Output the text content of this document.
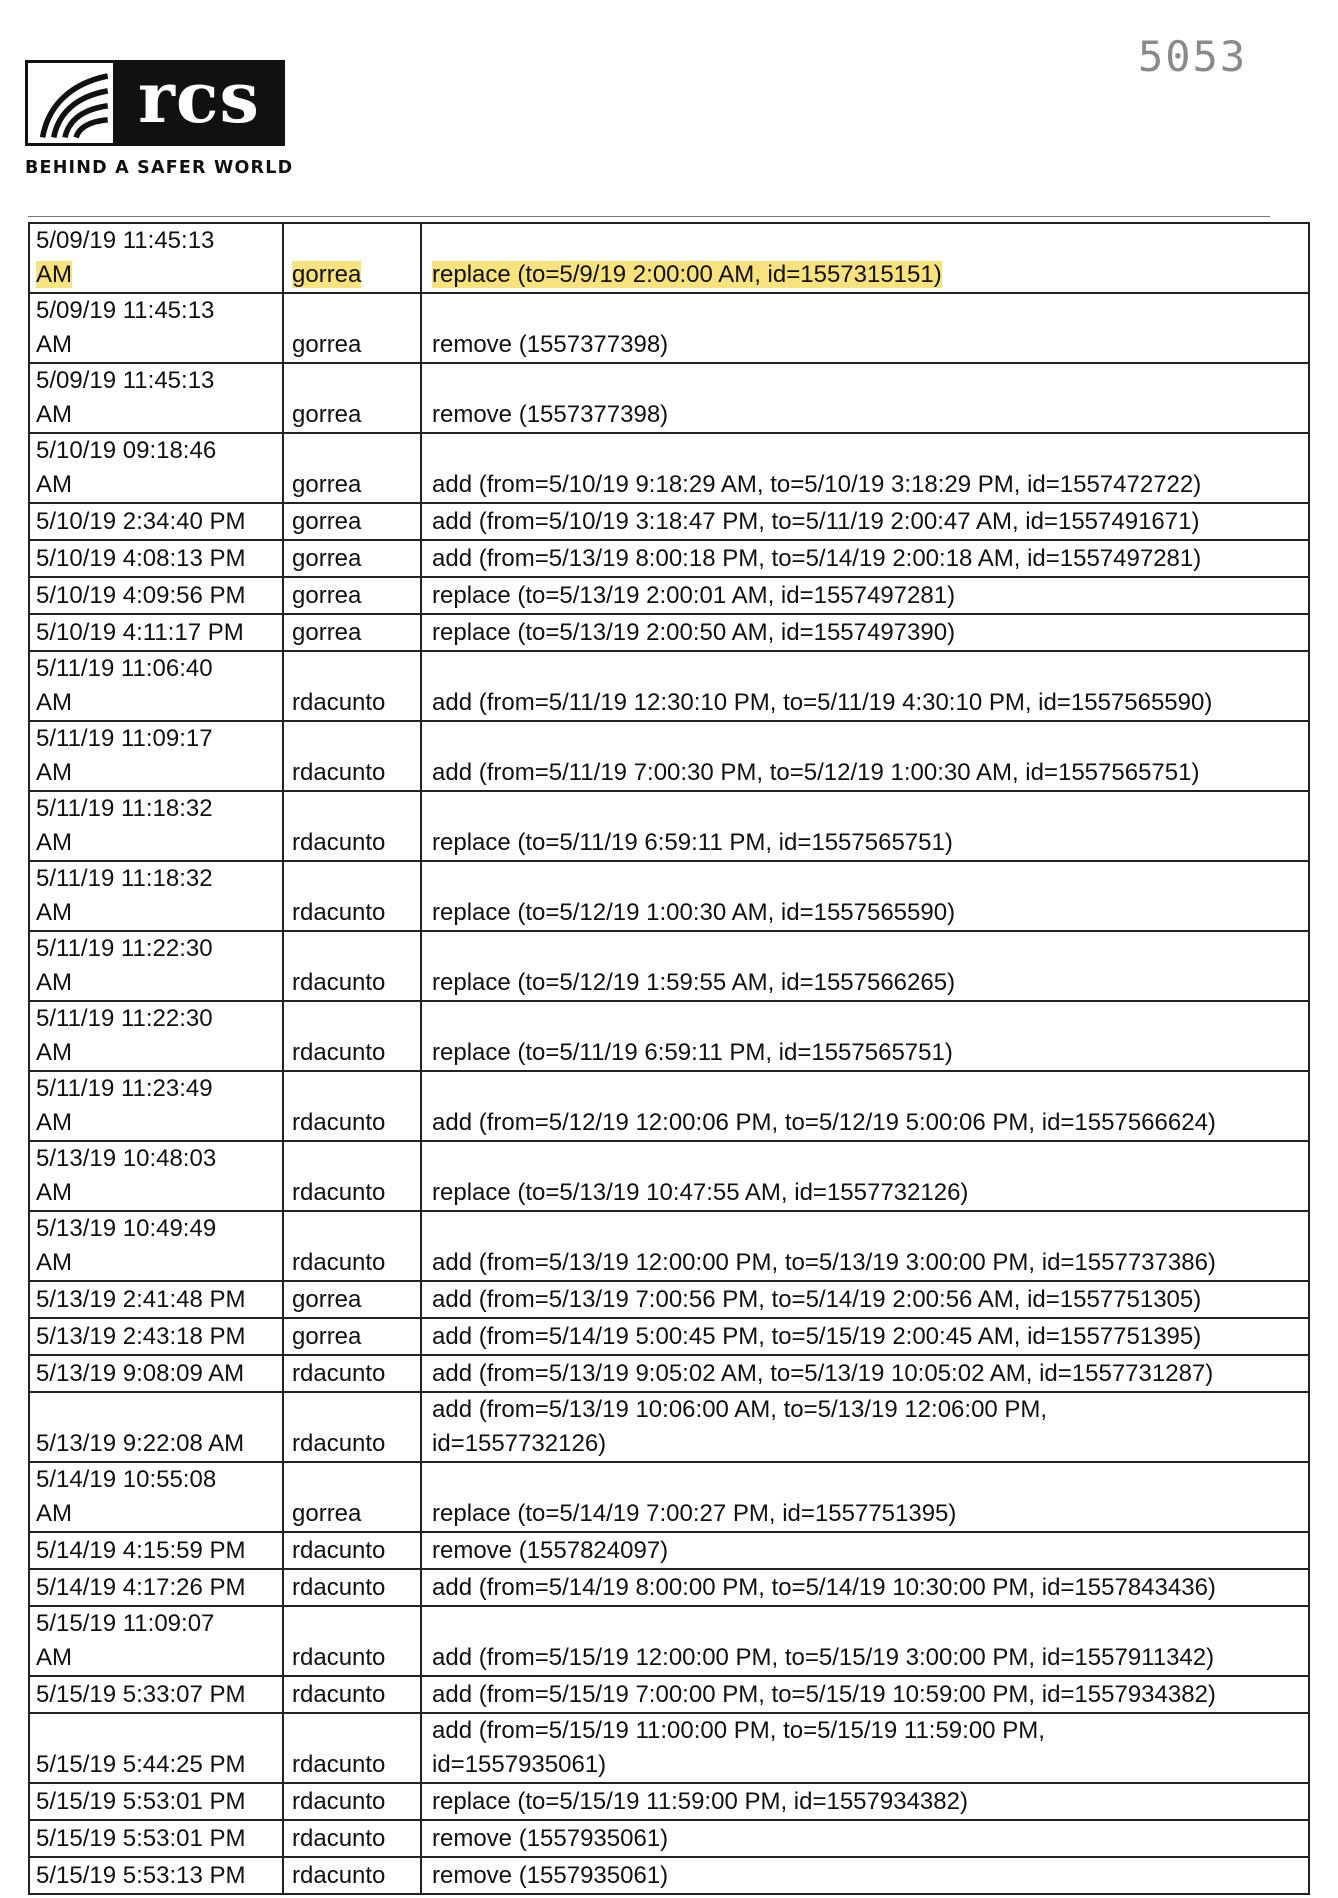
rcs
BEHIND A SAFER WORLD
5053
5/09/19 11:45:13
AM	gorrea	replace (to=5/9/19 2:00:00 AM, id=1557315151)

5/09/19 11:45:13
AM	gorrea	remove (1557377398)

5/09/19 11:45:13
AM	gorrea	remove (1557377398)

5/10/19 09:18:46
AM	gorrea	add (from=5/10/19 9:18:29 AM, to=5/10/19 3:18:29 PM, id=1557472722)

5/10/19 2:34:40 PM	gorrea	add (from=5/10/19 3:18:47 PM, to=5/11/19 2:00:47 AM, id=1557491671)

5/10/19 4:08:13 PM	gorrea	add (from=5/13/19 8:00:18 PM, to=5/14/19 2:00:18 AM, id=1557497281)

5/10/19 4:09:56 PM	gorrea	replace (to=5/13/19 2:00:01 AM, id=1557497281)

5/10/19 4:11:17 PM	gorrea	replace (to=5/13/19 2:00:50 AM, id=1557497390)

5/11/19 11:06:40
AM	rdacunto	add (from=5/11/19 12:30:10 PM, to=5/11/19 4:30:10 PM, id=1557565590)

5/11/19 11:09:17
AM	rdacunto	add (from=5/11/19 7:00:30 PM, to=5/12/19 1:00:30 AM, id=1557565751)

5/11/19 11:18:32
AM	rdacunto	replace (to=5/11/19 6:59:11 PM, id=1557565751)

5/11/19 11:18:32
AM	rdacunto	replace (to=5/12/19 1:00:30 AM, id=1557565590)

5/11/19 11:22:30
AM	rdacunto	replace (to=5/12/19 1:59:55 AM, id=1557566265)

5/11/19 11:22:30
AM	rdacunto	replace (to=5/11/19 6:59:11 PM, id=1557565751)

5/11/19 11:23:49
AM	rdacunto	add (from=5/12/19 12:00:06 PM, to=5/12/19 5:00:06 PM, id=1557566624)

5/13/19 10:48:03
AM	rdacunto	replace (to=5/13/19 10:47:55 AM, id=1557732126)

5/13/19 10:49:49
AM	rdacunto	add (from=5/13/19 12:00:00 PM, to=5/13/19 3:00:00 PM, id=1557737386)

5/13/19 2:41:48 PM	gorrea	add (from=5/13/19 7:00:56 PM, to=5/14/19 2:00:56 AM, id=1557751305)

5/13/19 2:43:18 PM	gorrea	add (from=5/14/19 5:00:45 PM, to=5/15/19 2:00:45 AM, id=1557751395)

5/13/19 9:08:09 AM	rdacunto	add (from=5/13/19 9:05:02 AM, to=5/13/19 10:05:02 AM, id=1557731287)

5/13/19 9:22:08 AM	rdacunto	add (from=5/13/19 10:06:00 AM, to=5/13/19 12:06:00 PM,
id=1557732126)

5/14/19 10:55:08
AM	gorrea	replace (to=5/14/19 7:00:27 PM, id=1557751395)

5/14/19 4:15:59 PM	rdacunto	remove (1557824097)

5/14/19 4:17:26 PM	rdacunto	add (from=5/14/19 8:00:00 PM, to=5/14/19 10:30:00 PM, id=1557843436)

5/15/19 11:09:07
AM	rdacunto	add (from=5/15/19 12:00:00 PM, to=5/15/19 3:00:00 PM, id=1557911342)

5/15/19 5:33:07 PM	rdacunto	add (from=5/15/19 7:00:00 PM, to=5/15/19 10:59:00 PM, id=1557934382)

5/15/19 5:44:25 PM	rdacunto	add (from=5/15/19 11:00:00 PM, to=5/15/19 11:59:00 PM,
id=1557935061)

5/15/19 5:53:01 PM	rdacunto	replace (to=5/15/19 11:59:00 PM, id=1557934382)

5/15/19 5:53:01 PM	rdacunto	remove (1557935061)

5/15/19 5:53:13 PM	rdacunto	remove (1557935061)
